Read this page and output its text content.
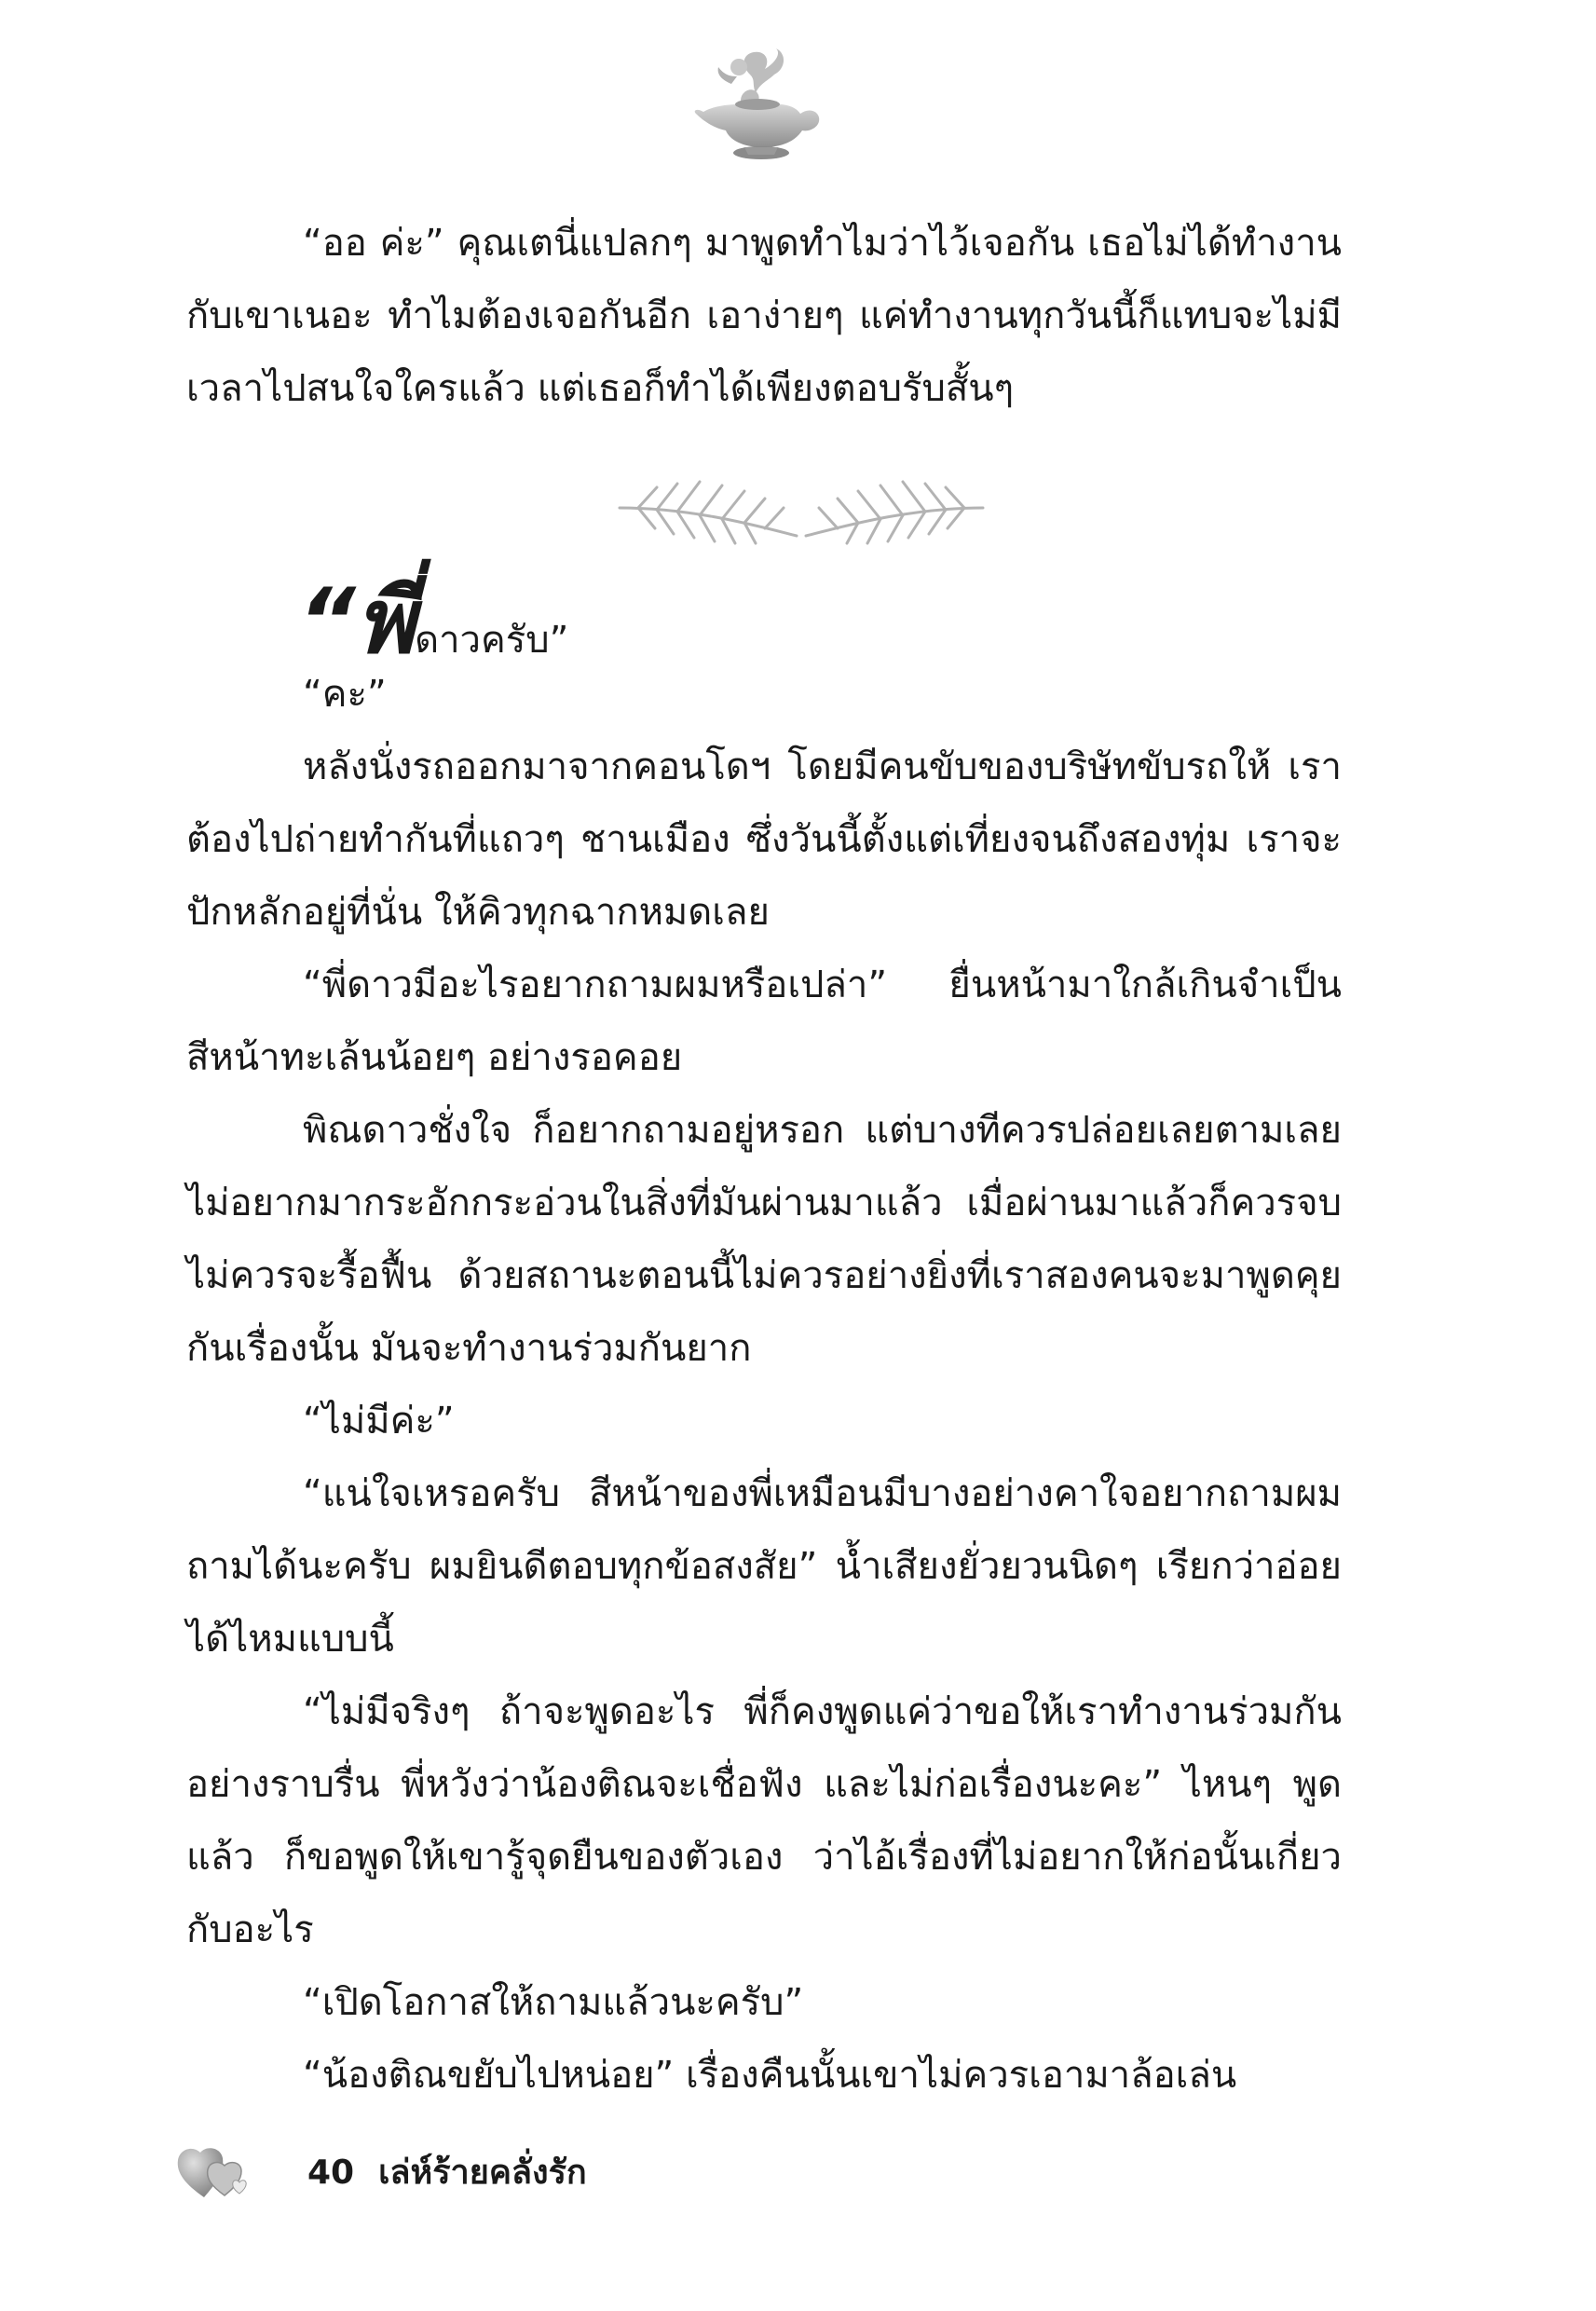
“ออ ค่ะ” คุณเตนี่แปลกๆ มาพูดทำไมว่าไว้เจอกัน เธอไม่ได้ทำงานกับเขาเนอะ ทำไมต้องเจอกันอีก เอาง่ายๆ แค่ทำงานทุกวันนี้ก็แทบจะไม่มีเวลาไปสนใจใครแล้ว แต่เธอก็ทำได้เพียงตอบรับสั้นๆ

“พี่ดาวครับ”

“คะ”

หลังนั่งรถออกมาจากคอนโดฯ โดยมีคนขับของบริษัทขับรถให้ เราต้องไปถ่ายทำกันที่แถวๆ ชานเมือง ซึ่งวันนี้ตั้งแต่เที่ยงจนถึงสองทุ่ม เราจะปักหลักอยู่ที่นั่น ให้คิวทุกฉากหมดเลย

“พี่ดาวมีอะไรอยากถามผมหรือเปล่า” ยื่นหน้ามาใกล้เกินจำเป็น สีหน้าทะเล้นน้อยๆ อย่างรอคอย

พิณดาวชั่งใจ ก็อยากถามอยู่หรอก แต่บางทีควรปล่อยเลยตามเลย ไม่อยากมากระอักกระอ่วนในสิ่งที่มันผ่านมาแล้ว เมื่อผ่านมาแล้วก็ควรจบ ไม่ควรจะรื้อฟื้น ด้วยสถานะตอนนี้ไม่ควรอย่างยิ่งที่เราสองคนจะมาพูดคุยกันเรื่องนั้น มันจะทำงานร่วมกันยาก

“ไม่มีค่ะ”

“แน่ใจเหรอครับ สีหน้าของพี่เหมือนมีบางอย่างคาใจอยากถามผม ถามได้นะครับ ผมยินดีตอบทุกข้อสงสัย” น้ำเสียงยั่วยวนนิดๆ เรียกว่าอ่อยได้ไหมแบบนี้

“ไม่มีจริงๆ ถ้าจะพูดอะไร พี่ก็คงพูดแค่ว่าขอให้เราทำงานร่วมกันอย่างราบรื่น พี่หวังว่าน้องติณจะเชื่อฟัง และไม่ก่อเรื่องนะคะ” ไหนๆ พูดแล้ว ก็ขอพูดให้เขารู้จุดยืนของตัวเอง ว่าไอ้เรื่องที่ไม่อยากให้ก่อนั้นเกี่ยวกับอะไร

“เปิดโอกาสให้ถามแล้วนะครับ”

“น้องติณขยับไปหน่อย” เรื่องคืนนั้นเขาไม่ควรเอามาล้อเล่น

40 เล่ห์ร้ายคลั่งรัก
